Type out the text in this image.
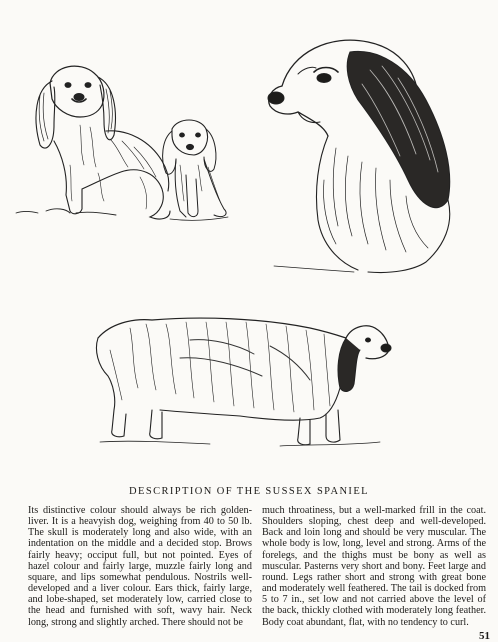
DESCRIPTION OF THE SUSSEX SPANIEL

Its distinctive colour should always be rich golden-liver. It is a heavyish dog, weighing from 40 to 50 lb. The skull is moderately long and also wide, with an indentation on the middle and a decided stop. Brows fairly heavy; occiput full, but not pointed. Eyes of hazel colour and fairly large, muzzle fairly long and square, and lips somewhat pendulous. Nostrils well-developed and a liver colour. Ears thick, fairly large, and lobe-shaped, set moderately low, carried close to the head and furnished with soft, wavy hair. Neck long, strong and slightly arched. There should not be

much throatiness, but a well-marked frill in the coat. Shoulders sloping, chest deep and well-developed. Back and loin long and should be very muscular. The whole body is low, long, level and strong. Arms of the forelegs, and the thighs must be bony as well as muscular. Pasterns very short and bony. Feet large and round. Legs rather short and strong with great bone and moderately well feathered. The tail is docked from 5 to 7 in., set low and not carried above the level of the back, thickly clothed with moderately long feather. Body coat abundant, flat, with no tendency to curl.

51
